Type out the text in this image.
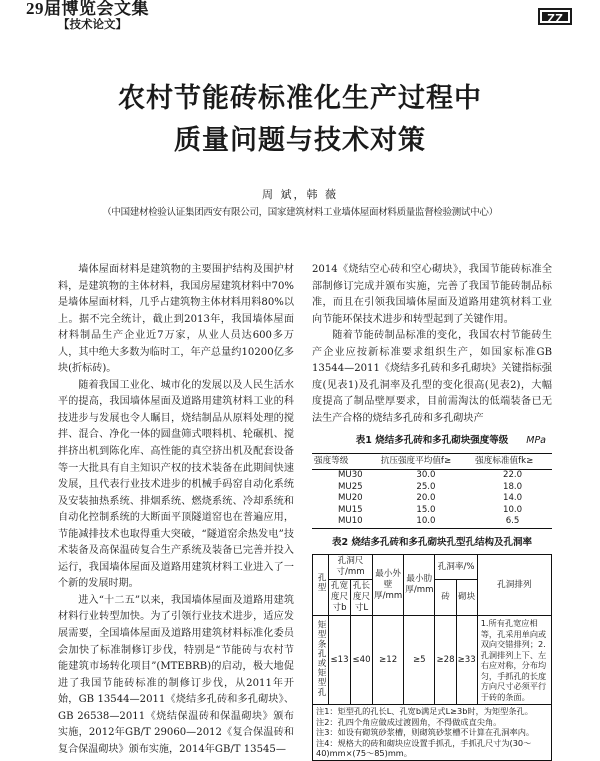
29届博览会文集
【技术论文】	ZZ
农村节能砖标准化生产过程中
质量问题与技术对策
周 斌，韩 薇
（中国建材检验认证集团西安有限公司，国家建筑材料工业墙体屋面材料质量监督检验测试中心）

墙体屋面材料是建筑物的主要围护结构及围护材料，是建筑物的主体材料，我国房屋建筑材料中70%是墙体屋面材料，几乎占建筑物主体材料用料80%以上。据不完全统计，截止到2013年，我国墙体屋面材料制品生产企业近7万家，从业人员达600多万人，其中绝大多数为临时工，年产总量约10200亿多块(折标砖)。

随着我国工业化、城市化的发展以及人民生活水平的提高，我国墙体屋面及道路用建筑材料工业的科技进步与发展也令人瞩目，烧结制品从原料处理的搅拌、混合、净化一体的圆盘筛式喂料机、轮碾机、搅拌挤出机到陈化库、高性能的真空挤出机及配套设备等一大批具有自主知识产权的技术装备在此期间快速发展，且代表行业技术进步的机械手码窑自动化系统及安装抽热系统、排烟系统、燃烧系统、冷却系统和自动化控制系统的大断面平顶隧道窑也在普遍应用，节能减排技术也取得重大突破，“隧道窑余热发电”技术装备及高保温砖复合生产系统及装备已完善并投入运行，我国墙体屋面及道路用建筑材料工业进入了一个新的发展时期。

进入“十二五”以来，我国墙体屋面及道路用建筑材料行业转型加快。为了引领行业技术进步，适应发展需要，全国墙体屋面及道路用建筑材料标准化委员会加快了标准制修订步伐，特别是“节能砖与农村节能建筑市场转化项目”(MTEBRB)的启动，极大地促进了我国节能砖标准的制修订步伐，从2011年开始，GB 13544—2011《烧结多孔砖和多孔砌块》、GB 26538—2011《烧结保温砖和保温砌块》颁布实施，2012年GB/T 29060—2012《复合保温砖和复合保温砌块》颁布实施，2014年GB/T 13545—

2014《烧结空心砖和空心砌块》，我国节能砖标准全部制修订完成并颁布实施，完善了我国节能砖制品标准，而且在引领我国墙体屋面及道路用建筑材料工业向节能环保技术进步和转型起到了关键作用。

随着节能砖制品标准的变化，我国农村节能砖生产企业应按新标准要求组织生产，如国家标准GB 13544—2011《烧结多孔砖和多孔砌块》关键指标强度(见表1)及孔洞率及孔型的变化很高(见表2)，大幅度提高了制品壁厚要求，目前需淘汰的低端装备已无法生产合格的烧结多孔砖和多孔砌块产

表1 烧结多孔砖和多孔砌块强度等级 MPa
强度等级	抗压强度平均值f≥	强度标准值fk≥
MU30	30.0	22.0
MU25	25.0	18.0
MU20	20.0	14.0
MU15	15.0	10.0
MU10	10.0	6.5
表2 烧结多孔砖和多孔砌块孔型孔结构及孔洞率
孔型	孔洞尺寸/mm		最小外壁厚/mm	最小肋厚/mm	孔洞率/%		孔洞排列
	孔宽度尺寸b	孔长度尺寸L			砖	砌块	
矩型条孔或矩型孔	≤13	≤40	≥12	≥5	≥28	≥33	1.所有孔宽应相等，孔采用单向或双向交错排列；2.孔洞排列上下、左右应对称，分布均匀，手抓孔的长度方向尺寸必须平行于砖的条面。
注1：矩型孔的孔长L、孔宽b满足式L≥3b时，为矩型条孔。
注2：孔四个角应做成过渡圆角，不得做成直尖角。
注3：如设有砌筑砂浆槽，则砌筑砂浆槽不计算在孔洞率内。
注4：规格大的砖和砌块应设置手抓孔，手抓孔尺寸为(30～40)mm×(75～85)mm。
